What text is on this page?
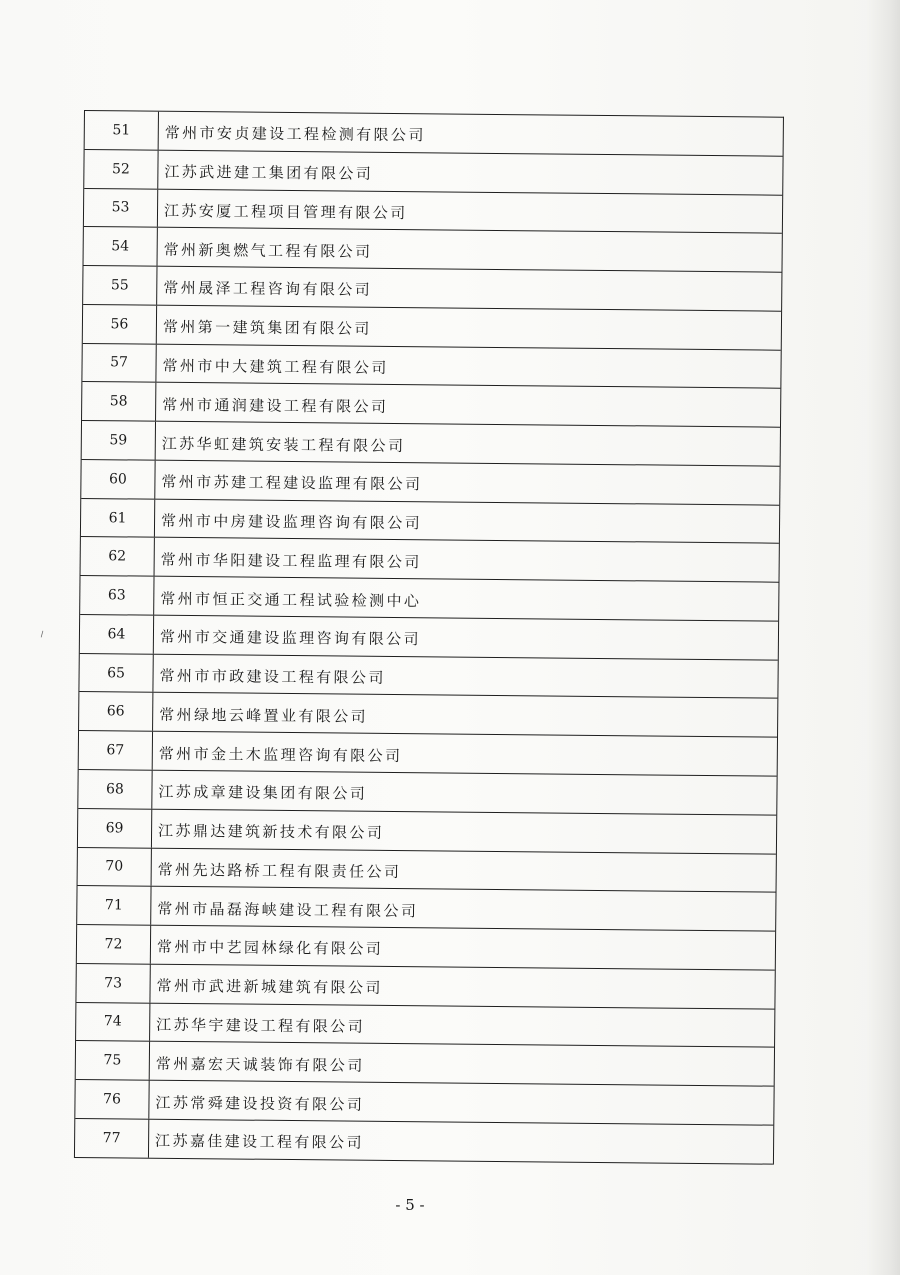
⸝
51	常州市安贞建设工程检测有限公司
52	江苏武进建工集团有限公司
53	江苏安厦工程项目管理有限公司
54	常州新奥燃气工程有限公司
55	常州晟泽工程咨询有限公司
56	常州第一建筑集团有限公司
57	常州市中大建筑工程有限公司
58	常州市通润建设工程有限公司
59	江苏华虹建筑安装工程有限公司
60	常州市苏建工程建设监理有限公司
61	常州市中房建设监理咨询有限公司
62	常州市华阳建设工程监理有限公司
63	常州市恒正交通工程试验检测中心
64	常州市交通建设监理咨询有限公司
65	常州市市政建设工程有限公司
66	常州绿地云峰置业有限公司
67	常州市金土木监理咨询有限公司
68	江苏成章建设集团有限公司
69	江苏鼎达建筑新技术有限公司
70	常州先达路桥工程有限责任公司
71	常州市晶磊海峡建设工程有限公司
72	常州市中艺园林绿化有限公司
73	常州市武进新城建筑有限公司
74	江苏华宇建设工程有限公司
75	常州嘉宏天诚装饰有限公司
76	江苏常舜建设投资有限公司
77	江苏嘉佳建设工程有限公司
- 5 -
